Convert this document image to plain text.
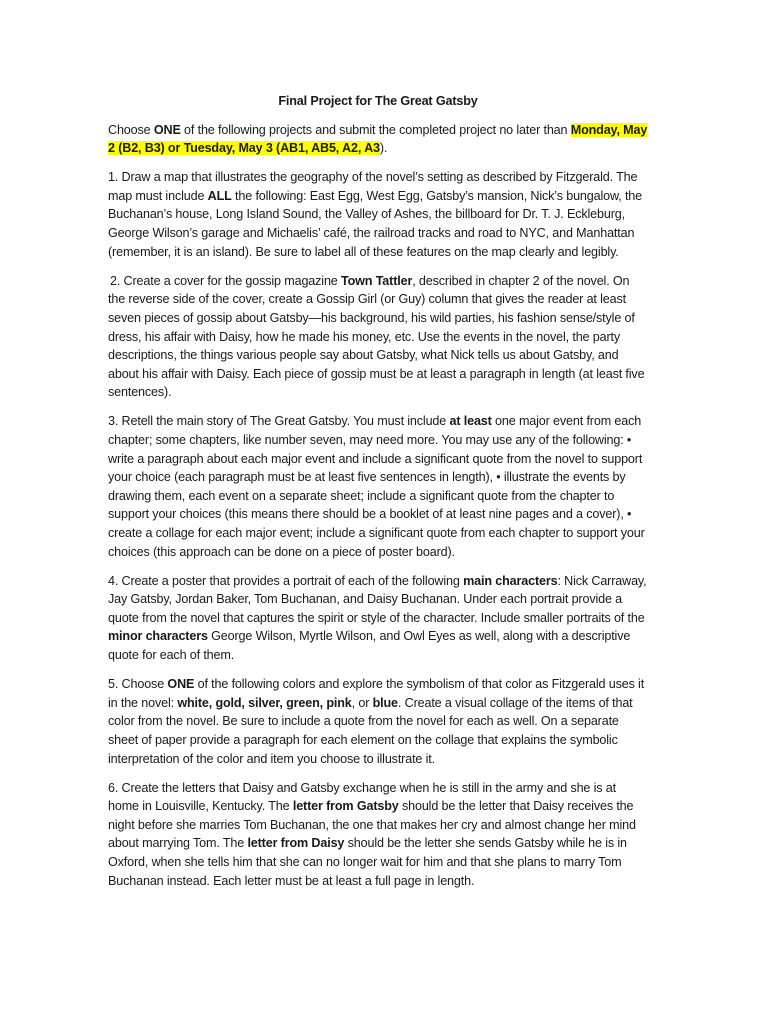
Final Project for The Great Gatsby

Choose ONE of the following projects and submit the completed project no later than Monday, May 2 (B2, B3) or Tuesday, May 3 (AB1, AB5, A2, A3).

1. Draw a map that illustrates the geography of the novel’s setting as described by Fitzgerald. The map must include ALL the following: East Egg, West Egg, Gatsby’s mansion, Nick’s bungalow, the Buchanan’s house, Long Island Sound, the Valley of Ashes, the billboard for Dr. T. J. Eckleburg, George Wilson’s garage and Michaelis’ café, the railroad tracks and road to NYC, and Manhattan (remember, it is an island). Be sure to label all of these features on the map clearly and legibly.

2. Create a cover for the gossip magazine Town Tattler, described in chapter 2 of the novel. On the reverse side of the cover, create a Gossip Girl (or Guy) column that gives the reader at least seven pieces of gossip about Gatsby—his background, his wild parties, his fashion sense/style of dress, his affair with Daisy, how he made his money, etc. Use the events in the novel, the party descriptions, the things various people say about Gatsby, what Nick tells us about Gatsby, and about his affair with Daisy. Each piece of gossip must be at least a paragraph in length (at least five sentences).

3. Retell the main story of The Great Gatsby. You must include at least one major event from each chapter; some chapters, like number seven, may need more. You may use any of the following: • write a paragraph about each major event and include a significant quote from the novel to support your choice (each paragraph must be at least five sentences in length), • illustrate the events by drawing them, each event on a separate sheet; include a significant quote from the chapter to support your choices (this means there should be a booklet of at least nine pages and a cover), • create a collage for each major event; include a significant quote from each chapter to support your choices (this approach can be done on a piece of poster board).

4. Create a poster that provides a portrait of each of the following main characters: Nick Carraway, Jay Gatsby, Jordan Baker, Tom Buchanan, and Daisy Buchanan. Under each portrait provide a quote from the novel that captures the spirit or style of the character. Include smaller portraits of the minor characters George Wilson, Myrtle Wilson, and Owl Eyes as well, along with a descriptive quote for each of them.

5. Choose ONE of the following colors and explore the symbolism of that color as Fitzgerald uses it in the novel: white, gold, silver, green, pink, or blue. Create a visual collage of the items of that color from the novel. Be sure to include a quote from the novel for each as well. On a separate sheet of paper provide a paragraph for each element on the collage that explains the symbolic interpretation of the color and item you choose to illustrate it.

6. Create the letters that Daisy and Gatsby exchange when he is still in the army and she is at home in Louisville, Kentucky. The letter from Gatsby should be the letter that Daisy receives the night before she marries Tom Buchanan, the one that makes her cry and almost change her mind about marrying Tom. The letter from Daisy should be the letter she sends Gatsby while he is in Oxford, when she tells him that she can no longer wait for him and that she plans to marry Tom Buchanan instead. Each letter must be at least a full page in length.
